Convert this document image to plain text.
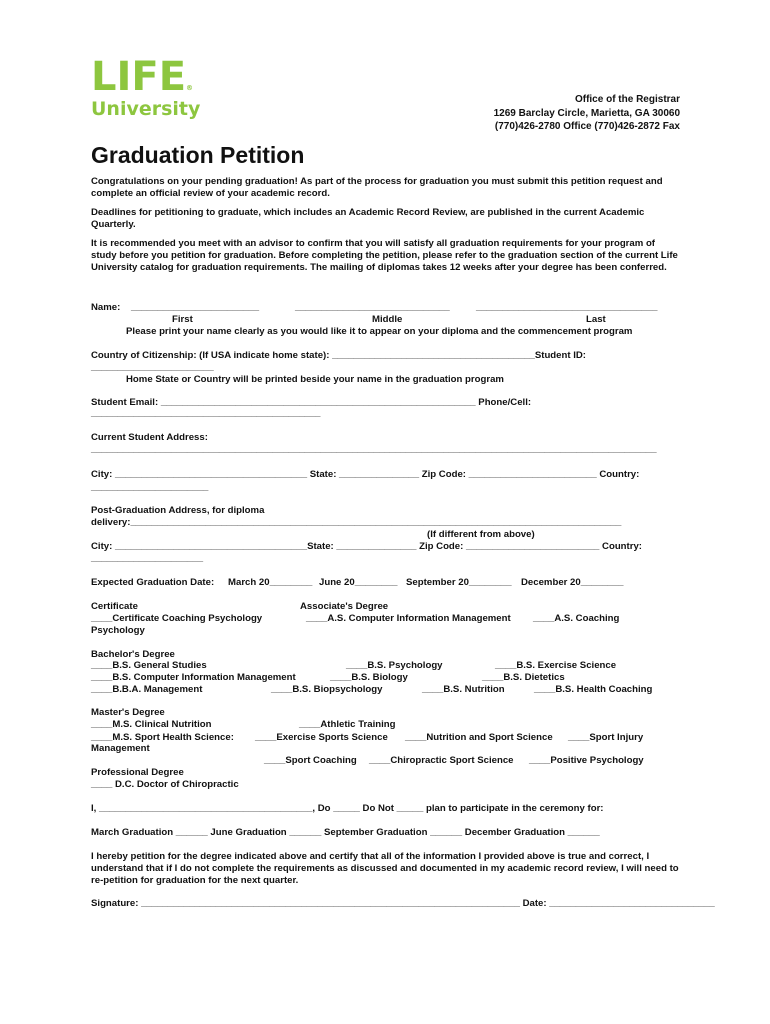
LIFE®
University	Office of the Registrar
1269 Barclay Circle, Marietta, GA 30060
(770)426-2780 Office (770)426-2872 Fax
Graduation Petition
Congratulations on your pending graduation! As part of the process for graduation you must submit this petition request and complete an official review of your academic record.
Deadlines for petitioning to graduate, which includes an Academic Record Review, are published in the current Academic Quarterly.
It is recommended you meet with an advisor to confirm that you will satisfy all graduation requirements for your program of study before you petition for graduation. Before completing the petition, please refer to the graduation section of the current Life University catalog for graduation requirements. The mailing of diplomas takes 12 weeks after your degree has been conferred.
Name: ________________________	_____________________________	__________________________________
First	Middle	Last
Please print your name clearly as you would like it to appear on your diploma and the commencement program
Country of Citizenship: (If USA indicate home state): ______________________________________Student ID:
_______________________
Home State or Country will be printed beside your name in the graduation program
Student Email: ___________________________________________________________ Phone/Cell:
___________________________________________
Current Student Address:
__________________________________________________________________________________________________________
City: ____________________________________ State: _______________ Zip Code: ________________________ Country:
______________________
Post-Graduation Address, for diploma
delivery:____________________________________________________________________________________________
(If different from above)
City: ____________________________________State: _______________ Zip Code: _________________________ Country:
_____________________
Expected Graduation Date: March 20________ June 20________ September 20________ December 20________
Certificate	Associate's Degree
____Certificate Coaching Psychology	____A.S. Computer Information Management ____A.S. Coaching
Psychology
Bachelor's Degree
____B.S. General Studies	____B.S. Psychology	____B.S. Exercise Science
____B.S. Computer Information Management	____B.S. Biology	____B.S. Dietetics
____B.B.A. Management	____B.S. Biopsychology	____B.S. Nutrition	____B.S. Health Coaching
Master's Degree
____M.S. Clinical Nutrition	____Athletic Training
____M.S. Sport Health Science: ____Exercise Sports Science ____Nutrition and Sport Science ____Sport Injury
Management
____Sport Coaching ____Chiropractic Sport Science ____Positive Psychology
Professional Degree
____ D.C. Doctor of Chiropractic
I, ________________________________________, Do _____ Do Not _____ plan to participate in the ceremony for:
March Graduation ______ June Graduation ______ September Graduation ______ December Graduation ______
I hereby petition for the degree indicated above and certify that all of the information I provided above is true and correct, I understand that if I do not complete the requirements as discussed and documented in my academic record review, I will need to re-petition for graduation for the next quarter.
Signature: _______________________________________________________________________ Date: _______________________________
